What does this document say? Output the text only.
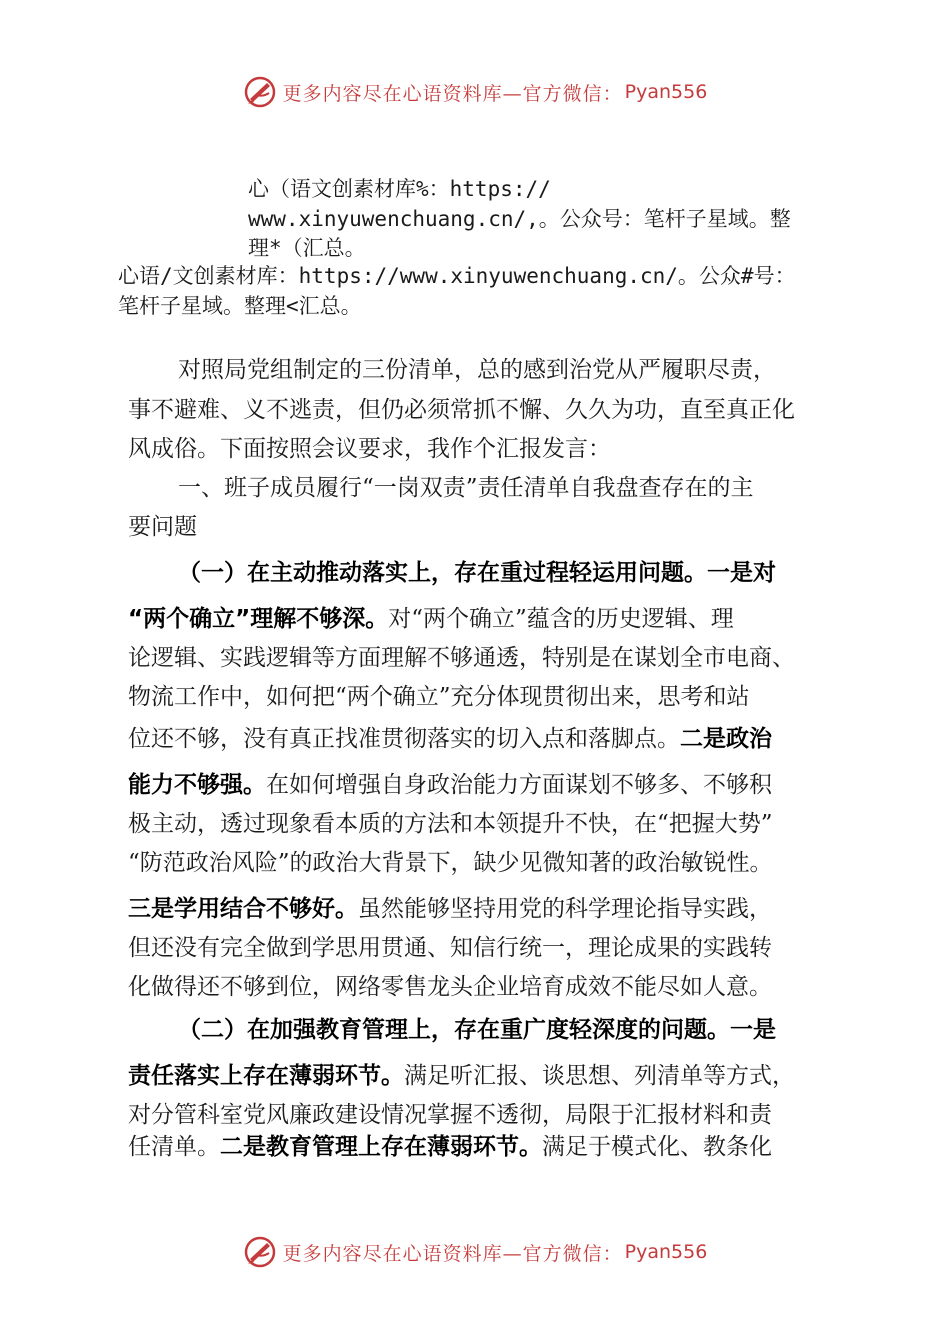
更多内容尽在心语资料库—官方微信： Pyan556
心（语文创素材库%：https://
www.xinyuwenchuang.cn/,。公众号：笔杆子星域。整
理*（汇总。
心语/文创素材库：https://www.xinyuwenchuang.cn/。公众#号：
笔杆子星域。整理<汇总。
对照局党组制定的三份清单，总的感到治党从严履职尽责，
事不避难、义不逃责，但仍必须常抓不懈、久久为功，直至真正化
风成俗。下面按照会议要求，我作个汇报发言：
一、班子成员履行“一岗双责”责任清单自我盘查存在的主
要问题
（一）在主动推动落实上，存在重过程轻运用问题。一是对
“两个确立”理解不够深。对“两个确立”蕴含的历史逻辑、理
论逻辑、实践逻辑等方面理解不够通透，特别是在谋划全市电商、
物流工作中，如何把“两个确立”充分体现贯彻出来，思考和站
位还不够，没有真正找准贯彻落实的切入点和落脚点。二是政治
能力不够强。在如何增强自身政治能力方面谋划不够多、不够积
极主动，透过现象看本质的方法和本领提升不快，在“把握大势”
“防范政治风险”的政治大背景下，缺少见微知著的政治敏锐性。
三是学用结合不够好。虽然能够坚持用党的科学理论指导实践，
但还没有完全做到学思用贯通、知信行统一，理论成果的实践转
化做得还不够到位，网络零售龙头企业培育成效不能尽如人意。
（二）在加强教育管理上，存在重广度轻深度的问题。一是
责任落实上存在薄弱环节。满足听汇报、谈思想、列清单等方式，
对分管科室党风廉政建设情况掌握不透彻，局限于汇报材料和责
任清单。二是教育管理上存在薄弱环节。满足于模式化、教条化
更多内容尽在心语资料库—官方微信： Pyan556
